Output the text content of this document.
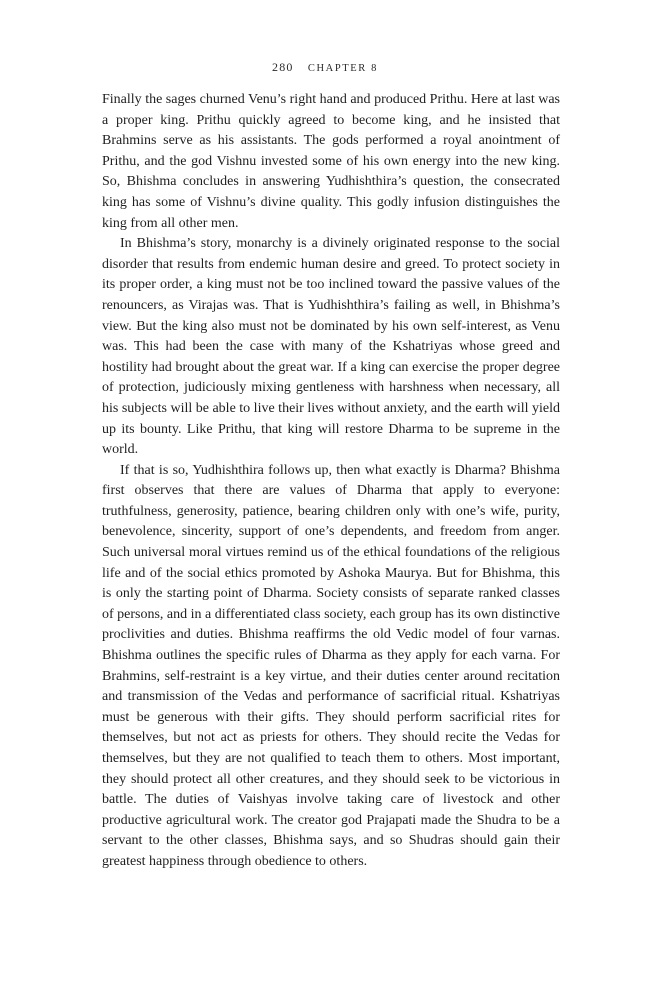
280 CHAPTER 8

Finally the sages churned Venu’s right hand and produced Prithu. Here at last was a proper king. Prithu quickly agreed to become king, and he insisted that Brahmins serve as his assistants. The gods performed a royal anointment of Prithu, and the god Vishnu invested some of his own energy into the new king. So, Bhishma concludes in answering Yudhishthira’s question, the consecrated king has some of Vishnu’s divine quality. This godly infusion distinguishes the king from all other men.

In Bhishma’s story, monarchy is a divinely originated response to the social disorder that results from endemic human desire and greed. To protect society in its proper order, a king must not be too inclined toward the passive values of the renouncers, as Virajas was. That is Yudhishthira’s failing as well, in Bhishma’s view. But the king also must not be dominated by his own self-interest, as Venu was. This had been the case with many of the Kshatriyas whose greed and hostility had brought about the great war. If a king can exercise the proper degree of protection, judiciously mixing gentleness with harshness when necessary, all his subjects will be able to live their lives without anxiety, and the earth will yield up its bounty. Like Prithu, that king will restore Dharma to be supreme in the world.

If that is so, Yudhishthira follows up, then what exactly is Dharma? Bhishma first observes that there are values of Dharma that apply to everyone: truthfulness, generosity, patience, bearing children only with one’s wife, purity, benevolence, sincerity, support of one’s dependents, and freedom from anger. Such universal moral virtues remind us of the ethical foundations of the religious life and of the social ethics promoted by Ashoka Maurya. But for Bhishma, this is only the starting point of Dharma. Society consists of separate ranked classes of persons, and in a differentiated class society, each group has its own distinctive proclivities and duties. Bhishma reaffirms the old Vedic model of four varnas. Bhishma outlines the specific rules of Dharma as they apply for each varna. For Brahmins, self-restraint is a key virtue, and their duties center around recitation and transmission of the Vedas and performance of sacrificial ritual. Kshatriyas must be generous with their gifts. They should perform sacrificial rites for themselves, but not act as priests for others. They should recite the Vedas for themselves, but they are not qualified to teach them to others. Most important, they should protect all other creatures, and they should seek to be victorious in battle. The duties of Vaishyas involve taking care of livestock and other productive agricultural work. The creator god Prajapati made the Shudra to be a servant to the other classes, Bhishma says, and so Shudras should gain their greatest happiness through obedience to others.
